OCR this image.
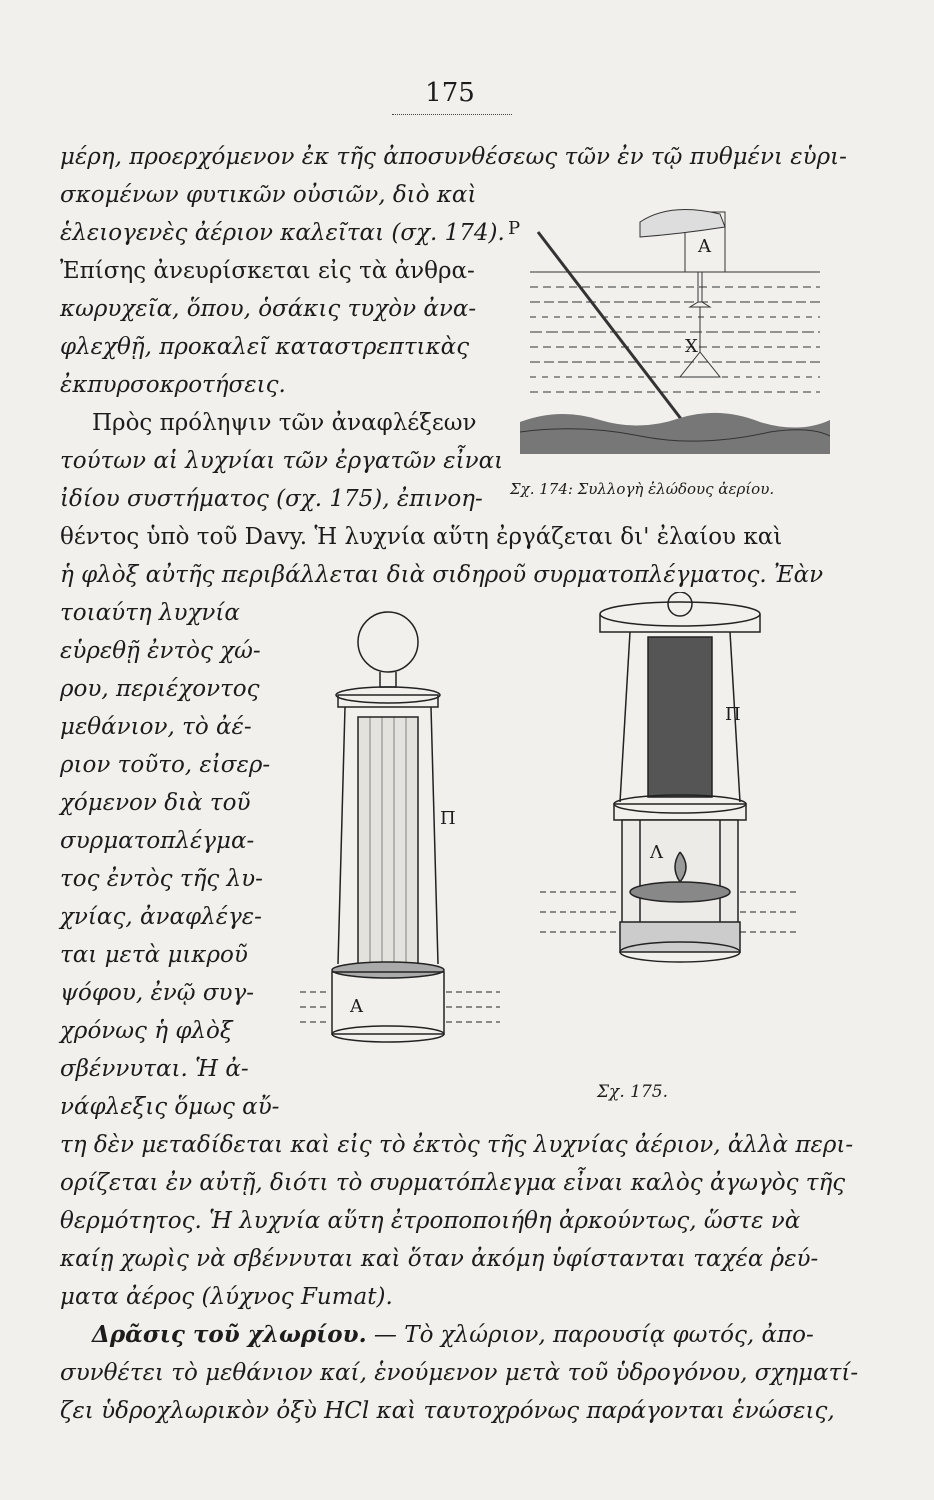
175
μέρη, προερχόμενον ἐκ τῆς ἀποσυνθέσεως τῶν ἐν τῷ πυθμένι εὑρι-
σκομένων φυτικῶν οὐσιῶν, διὸ καὶ
ἑλειογενὲς ἀέριον καλεῖται (σχ. 174).
Ἐπίσης ἀνευρίσκεται εἰς τὰ ἀνθρα-
κωρυχεῖα, ὅπου, ὁσάκις τυχὸν ἀνα-
φλεχθῇ, προκαλεῖ καταστρεπτικὰς
ἐκπυρσοκροτήσεις.
Πρὸς πρόληψιν τῶν ἀναφλέξεων
τούτων αἱ λυχνίαι τῶν ἐργατῶν εἶναι
ἰδίου συστήματος (σχ. 175), ἐπινοη-
θέντος ὑπὸ τοῦ Davy. Ἡ λυχνία αὕτη ἐργάζεται δι' ἐλαίου καὶ
ἡ φλὸξ αὐτῆς περιβάλλεται διὰ σιδηροῦ συρματοπλέγματος. Ἐὰν
P
A
X
Σχ. 174: Συλλογὴ ἑλώδους ἀερίου.
τοιαύτη λυχνία
εὑρεθῇ ἐντὸς χώ-
ρου, περιέχοντος
μεθάνιον, τὸ ἀέ-
ριον τοῦτο, εἰσερ-
χόμενον διὰ τοῦ
συρματοπλέγμα-
τος ἐντὸς τῆς λυ-
χνίας, ἀναφλέγε-
ται μετὰ μικροῦ
ψόφου, ἐνῷ συγ-
χρόνως ἡ φλὸξ
σβέννυται. Ἡ ἀ-
νάφλεξις ὅμως αὔ-
Π
A
Π
Λ
Σχ. 175.
τη δὲν μεταδίδεται καὶ εἰς τὸ ἐκτὸς τῆς λυχνίας ἀέριον, ἀλλὰ περι-
ορίζεται ἐν αὐτῇ, διότι τὸ συρματόπλεγμα εἶναι καλὸς ἀγωγὸς τῆς
θερμότητος. Ἡ λυχνία αὕτη ἐτροποποιήθη ἀρκούντως, ὥστε νὰ
καίῃ χωρὶς νὰ σβέννυται καὶ ὅταν ἀκόμη ὑφίστανται ταχέα ῥεύ-
ματα ἀέρος (λύχνος Fumat).
Δρᾶσις τοῦ χλωρίου. — Τὸ χλώριον, παρουσίᾳ φωτός, ἀπο-
συνθέτει τὸ μεθάνιον καί, ἑνούμενον μετὰ τοῦ ὑδρογόνου, σχηματί-
ζει ὑδροχλωρικὸν ὀξὺ HCl καὶ ταυτοχρόνως παράγονται ἑνώσεις,
